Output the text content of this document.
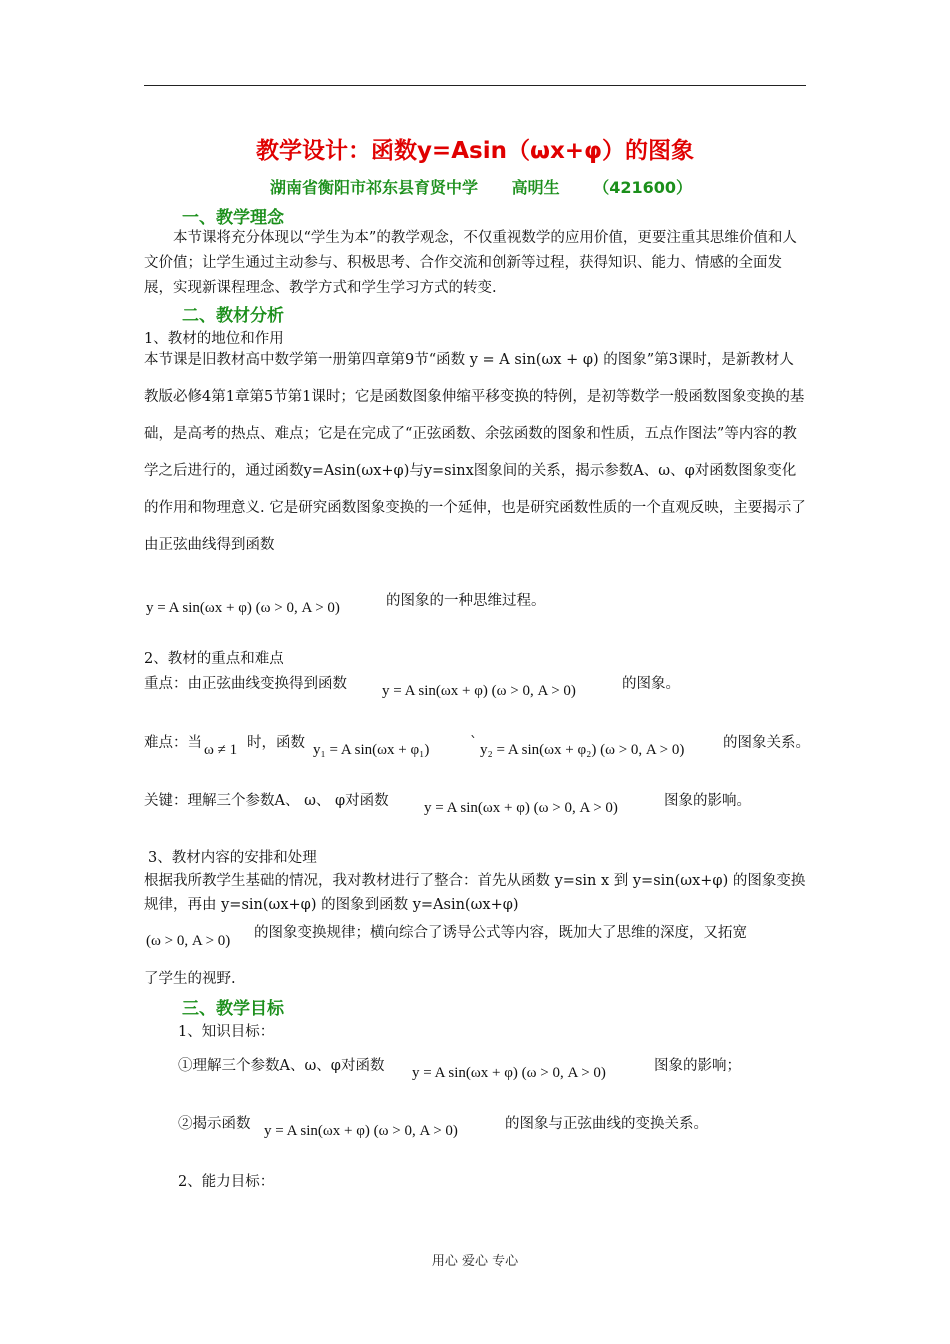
教学设计：函数y=Asin（ωx+φ）的图象
湖南省衡阳市祁东县育贤中学 高明生 （421600）
一、教学理念
本节课将充分体现以“学生为本”的教学观念，不仅重视数学的应用价值，更要注重其思维价值和人文价值；让学生通过主动参与、积极思考、合作交流和创新等过程，获得知识、能力、情感的全面发展，实现新课程理念、教学方式和学生学习方式的转变.
二、教材分析
1、教材的地位和作用
本节课是旧教材高中数学第一册第四章第9节“函数 y = A sin(ωx + φ) 的图象”第3课时，是新教材人教版必修4第1章第5节第1课时；它是函数图象伸缩平移变换的特例，是初等数学一般函数图象变换的基础，是高考的热点、难点；它是在完成了“正弦函数、余弦函数的图象和性质，五点作图法”等内容的教学之后进行的，通过函数y=Asin(ωx+φ)与y=sinx图象间的关系，揭示参数A、ω、φ对函数图象变化的作用和物理意义. 它是研究函数图象变换的一个延伸，也是研究函数性质的一个直观反映，主要揭示了由正弦曲线得到函数
y = A sin(ωx + φ) (ω > 0, A > 0)	的图象的一种思维过程。
2、教材的重点和难点
重点：由正弦曲线变换得到函数 y = A sin(ωx + φ) (ω > 0, A > 0)	的图象。
难点：当 ω ≠ 1 时，函数 y₁ = A sin(ωx + φ₁)	` y₂ = A sin(ωx + φ₂) (ω > 0, A > 0)	的图象关系。
关键：理解三个参数A、 ω、 φ对函数 y = A sin(ωx + φ) (ω > 0, A > 0)	图象的影响。
3、教材内容的安排和处理
根据我所教学生基础的情况，我对教材进行了整合：首先从函数 y=sin x 到 y=sin(ωx+φ) 的图象变换规律，再由 y=sin(ωx+φ) 的图象到函数 y=Asin(ωx+φ)
(ω > 0, A > 0) 的图象变换规律；横向综合了诱导公式等内容，既加大了思维的深度，又拓宽
了学生的视野.
三、教学目标
1、知识目标：
①理解三个参数A、ω、φ对函数 y = A sin(ωx + φ) (ω > 0, A > 0)	图象的影响；
②揭示函数 y = A sin(ωx + φ) (ω > 0, A > 0)	的图象与正弦曲线的变换关系。
2、能力目标：
用心 爱心 专心
